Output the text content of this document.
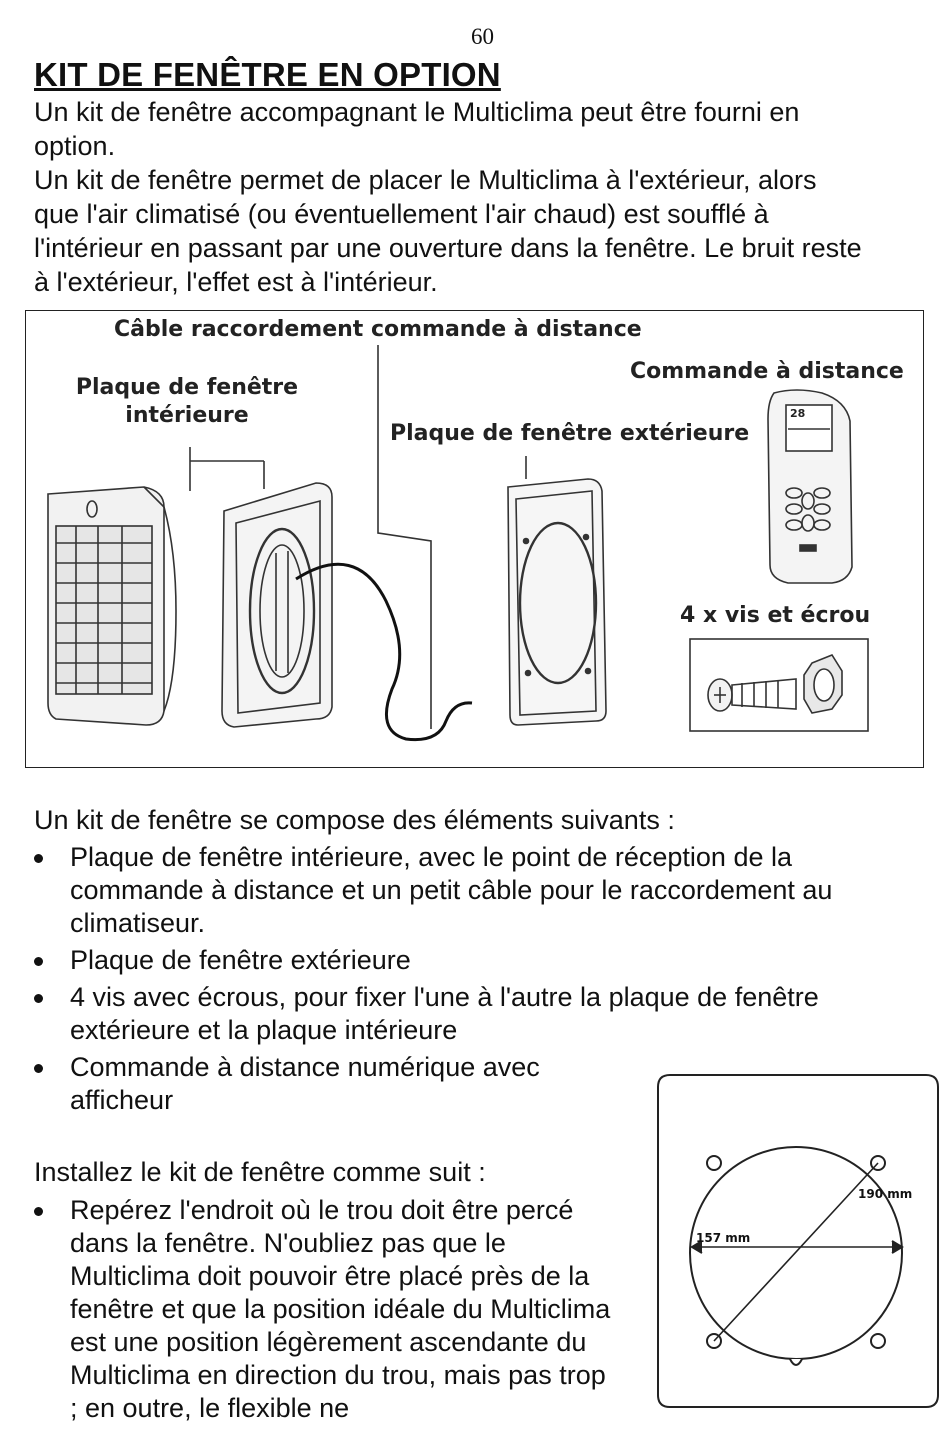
60
KIT DE FENÊTRE EN OPTION
Un kit de fenêtre accompagnant le Multiclima peut être fourni en
option.
Un kit de fenêtre permet de placer le Multiclima à l'extérieur, alors
que l'air climatisé (ou éventuellement l'air chaud) est soufflé à
l'intérieur en passant par une ouverture dans la fenêtre. Le bruit reste
à l'extérieur, l'effet est à l'intérieur.
Câble raccordement commande à distance
Plaque de fenêtre
intérieure
Plaque de fenêtre extérieure
Commande à distance
4 x vis et écrou
28

Un kit de fenêtre se compose des éléments suivants :

Plaque de fenêtre intérieure, avec le point de réception de la commande à distance et un petit câble pour le raccordement au climatiseur.
Plaque de fenêtre extérieure
4 vis avec écrous, pour fixer l'une à l'autre la plaque de fenêtre extérieure et la plaque intérieure
Commande à distance numérique avec afficheur

Installez le kit de fenêtre comme suit :

Repérez l'endroit où le trou doit être percé dans la fenêtre. N'oubliez pas que le Multiclima doit pouvoir être placé près de la fenêtre et que la position idéale du Multiclima est une position légèrement ascendante du Multiclima en direction du trou, mais pas trop ; en outre, le flexible ne
190 mm
157 mm
